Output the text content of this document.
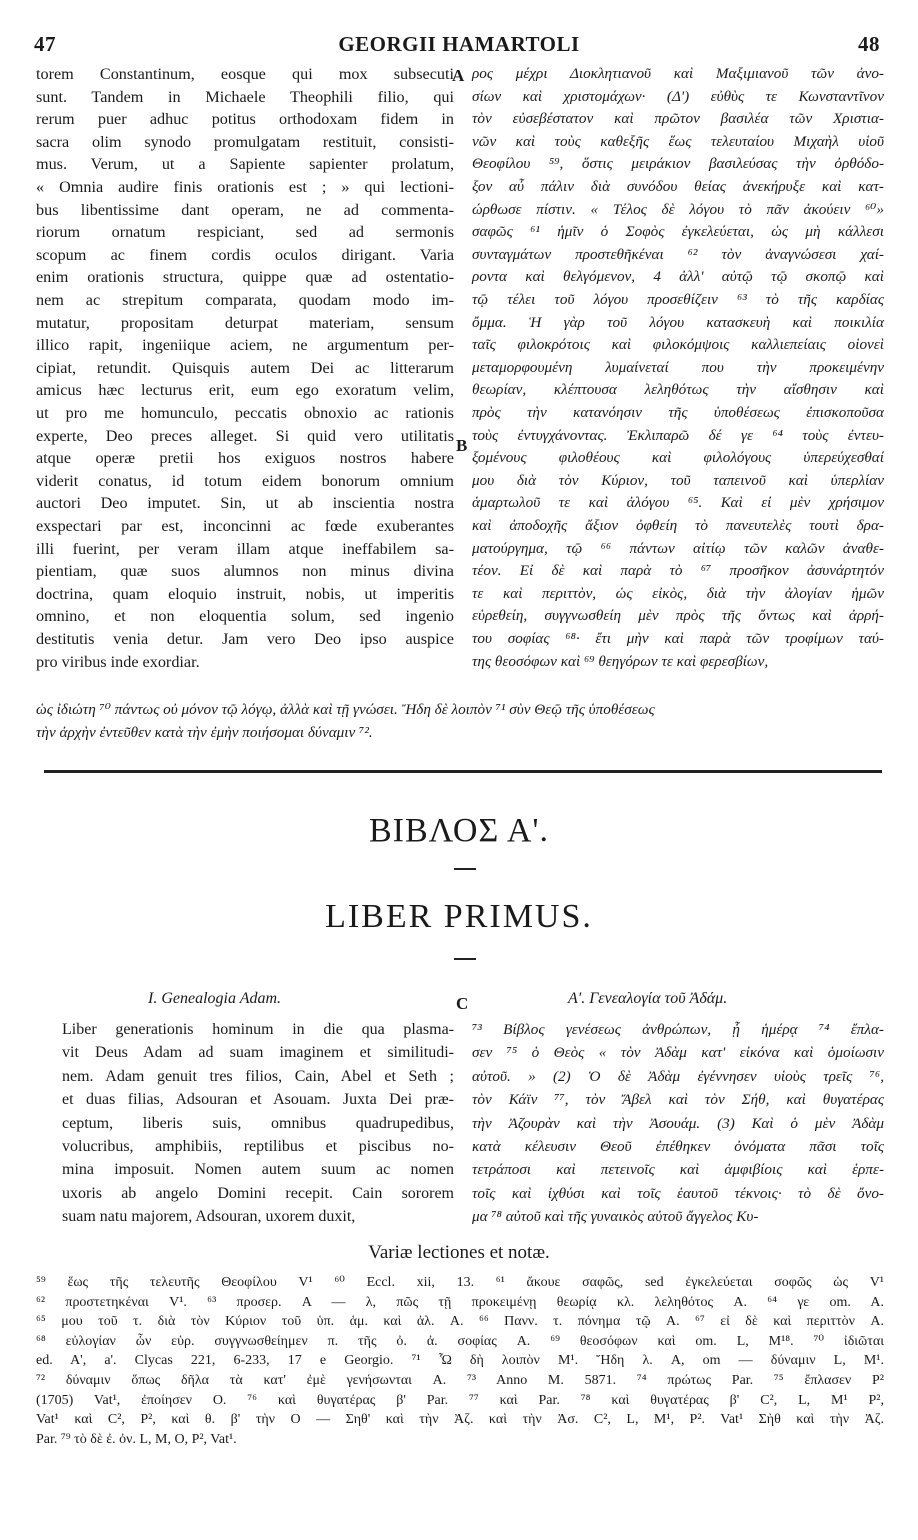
47	GEORGII HAMARTOLI	48
A
B
C
torem Constantinum, eosque qui mox subsecuti
sunt. Tandem in Michaele Theophili filio, qui
rerum puer adhuc potitus orthodoxam fidem in
sacra olim synodo promulgatam restituit, consisti-
mus. Verum, ut a Sapiente sapienter prolatum,
« Omnia audire finis orationis est ; » qui lectioni-
bus libentissime dant operam, ne ad commenta-
riorum ornatum respiciant, sed ad sermonis
scopum ac finem cordis oculos dirigant. Varia
enim orationis structura, quippe quæ ad ostentatio-
nem ac strepitum comparata, quodam modo im-
mutatur, propositam deturpat materiam, sensum
illico rapit, ingeniique aciem, ne argumentum per-
cipiat, retundit. Quisquis autem Dei ac litterarum
amicus hæc lecturus erit, eum ego exoratum velim,
ut pro me homunculo, peccatis obnoxio ac rationis
experte, Deo preces alleget. Si quid vero utilitatis
atque operæ pretii hos exiguos nostros habere
viderit conatus, id totum eidem bonorum omnium
auctori Deo imputet. Sin, ut ab inscientia nostra
exspectari par est, inconcinni ac fœde exuberantes
illi fuerint, per veram illam atque ineffabilem sa-
pientiam, quæ suos alumnos non minus divina
doctrina, quam eloquio instruit, nobis, ut imperitis
omnino, et non eloquentia solum, sed ingenio
destitutis venia detur. Jam vero Deo ipso auspice
pro viribus inde exordiar.
ρος μέχρι Διοκλητιανοῦ καὶ Μαξιμιανοῦ τῶν ἀνο-
σίων καὶ χριστομάχων· (Δ') εὐθὺς τε Κωνσταντῖνον
τὸν εὐσεβέστατον καὶ πρῶτον βασιλέα τῶν Χριστια-
νῶν καὶ τοὺς καθεξῆς ἕως τελευταίου Μιχαὴλ υἱοῦ
Θεοφίλου ⁵⁹, ὅστις μειράκιον βασιλεύσας τὴν ὀρθόδο-
ξον αὖ πάλιν διὰ συνόδου θείας ἀνεκήρυξε καὶ κατ-
ώρθωσε πίστιν. « Τέλος δὲ λόγου τὸ πᾶν ἀκούειν ⁶⁰»
σαφῶς ⁶¹ ἡμῖν ὁ Σοφὸς ἐγκελεύεται, ὡς μὴ κάλλεσι
συνταγμάτων προστεθῆκέναι ⁶² τὸν ἀναγνώσεσι χαί-
ροντα καὶ θελγόμενον, 4 ἀλλ' αὐτῷ τῷ σκοπῷ καὶ
τῷ τέλει τοῦ λόγου προσεθίζειν ⁶³ τὸ τῆς καρδίας
ὄμμα. Ἡ γὰρ τοῦ λόγου κατασκευὴ καὶ ποικιλία
ταῖς φιλοκρότοις καὶ φιλοκόμψοις καλλιεπείαις οἱονεὶ
μεταμορφουμένη λυμαίνεταί που τὴν προκειμένην
θεωρίαν, κλέπτουσα λεληθότως τὴν αἴσθησιν καὶ
πρὸς τὴν κατανόησιν τῆς ὑποθέσεως ἐπισκοποῦσα
τοὺς ἐντυγχάνοντας. Ἐκλιπαρῶ δέ γε ⁶⁴ τοὺς ἐντευ-
ξομένους φιλοθέους καὶ φιλολόγους ὑπερεύχεσθαί
μου διὰ τὸν Κύριον, τοῦ ταπεινοῦ καὶ ὑπερλίαν
ἁμαρτωλοῦ τε καὶ ἀλόγου ⁶⁵. Καὶ εἰ μὲν χρήσιμον
καὶ ἀποδοχῆς ἄξιον ὀφθείη τὸ πανευτελὲς τουτὶ δρα-
ματούργημα, τῷ ⁶⁶ πάντων αἰτίῳ τῶν καλῶν ἀναθε-
τέον. Εἰ δὲ καὶ παρὰ τὸ ⁶⁷ προσῆκον ἀσυνάρτητόν
τε καὶ περιττὸν, ὡς εἰκὸς, διὰ τὴν ἀλογίαν ἡμῶν
εὑρεθείη, συγγνωσθείη μὲν πρὸς τῆς ὄντως καὶ ἀρρή-
του σοφίας ⁶⁸· ἔτι μὴν καὶ παρὰ τῶν τροφίμων ταύ-
της θεοσόφων καὶ ⁶⁹ θεηγόρων τε καὶ φερεσβίων,
ὡς ἰδιώτη ⁷⁰ πάντως οὐ μόνον τῷ λόγῳ, ἀλλὰ καὶ τῇ γνώσει. Ἤδη δὲ λοιπὸν ⁷¹ σὺν Θεῷ τῆς ὑποθέσεως
τὴν ἀρχὴν ἐντεῦθεν κατὰ τὴν ἐμὴν ποιήσομαι δύναμιν ⁷².
ΒΙΒΛΟΣ Α'.
LIBER PRIMUS.
I. Genealogia Adam.	Α'. Γενεαλογία τοῦ Ἀδάμ.
Liber generationis hominum in die qua plasma-
vit Deus Adam ad suam imaginem et similitudi-
nem. Adam genuit tres filios, Cain, Abel et Seth ;
et duas filias, Adsouran et Asouam. Juxta Dei præ-
ceptum, liberis suis, omnibus quadrupedibus,
volucribus, amphibiis, reptilibus et piscibus no-
mina imposuit. Nomen autem suum ac nomen
uxoris ab angelo Domini recepit. Cain sororem
suam natu majorem, Adsouran, uxorem duxit,
⁷³ Βίβλος γενέσεως ἀνθρώπων, ᾗ ἡμέρᾳ ⁷⁴ ἔπλα-
σεν ⁷⁵ ὁ Θεὸς « τὸν Ἀδὰμ κατ' εἰκόνα καὶ ὁμοίωσιν
αὐτοῦ. » (2) Ὁ δὲ Ἀδὰμ ἐγέννησεν υἱοὺς τρεῖς ⁷⁶,
τὸν Κάϊν ⁷⁷, τὸν Ἄβελ καὶ τὸν Σήθ, καὶ θυγατέρας
τὴν Ἀζουρὰν καὶ τὴν Ἀσουάμ. (3) Καὶ ὁ μὲν Ἀδὰμ
κατὰ κέλευσιν Θεοῦ ἐπέθηκεν ὀνόματα πᾶσι τοῖς
τετράποσι καὶ πετεινοῖς καὶ ἀμφιβίοις καὶ ἑρπε-
τοῖς καὶ ἰχθύσι καὶ τοῖς ἑαυτοῦ τέκνοις· τὸ δὲ ὄνο-
μα ⁷⁸ αὐτοῦ καὶ τῆς γυναικὸς αὐτοῦ ἄγγελος Κυ-
Variæ lectiones et notæ.
⁵⁹ ἕως τῆς τελευτῆς Θεοφίλου V¹ ⁶⁰ Eccl. xii, 13. ⁶¹ ἄκουε σαφῶς, sed ἐγκελεύεται σοφῶς ὡς V¹
⁶² προστετηκέναι V¹. ⁶³ προσερ. A — λ, πῶς τῇ προκειμένῃ θεωρίᾳ κλ. λεληθότος A. ⁶⁴ γε om. A.
⁶⁵ μου τοῦ τ. διὰ τὸν Κύριον τοῦ ὑπ. ἁμ. καὶ ἀλ. A. ⁶⁶ Πανν. τ. πόνημα τῷ A. ⁶⁷ εἰ δὲ καὶ περιττὸν A.
⁶⁸ εὐλογίαν ὧν εὑρ. συγγνωσθείημεν π. τῆς ὀ. ἀ. σοφίας A. ⁶⁹ θεοσόφων καὶ om. L, M¹⁸. ⁷⁰ ἰδιῶται
ed. A', a'. Clycas 221, 6-233, 17 e Georgio. ⁷¹ Ὧ δὴ λοιπὸν M¹. Ἤδη λ. A, om — δύναμιν L, M¹.
⁷² δύναμιν ὅπως δῆλα τὰ κατ' ἐμὲ γενήσωνται A. ⁷³ Anno M. 5871. ⁷⁴ πρώτως Par. ⁷⁵ ἔπλασεν P²
(1705) Vat¹, ἐποίησεν O. ⁷⁶ καὶ θυγατέρας β' Par. ⁷⁷ καὶ Par. ⁷⁸ καὶ θυγατέρας β' C², L, M¹ P²,
Vat¹ καὶ C², P², καὶ θ. β' τὴν O — Σηθ' καὶ τὴν Ἀζ. καὶ τὴν Ἀσ. C², L, M¹, P². Vat¹ Σὴθ καὶ τὴν Ἀζ.
Par. ⁷⁹ τὸ δὲ ἐ. ὀν. L, M, O, P², Vat¹.
